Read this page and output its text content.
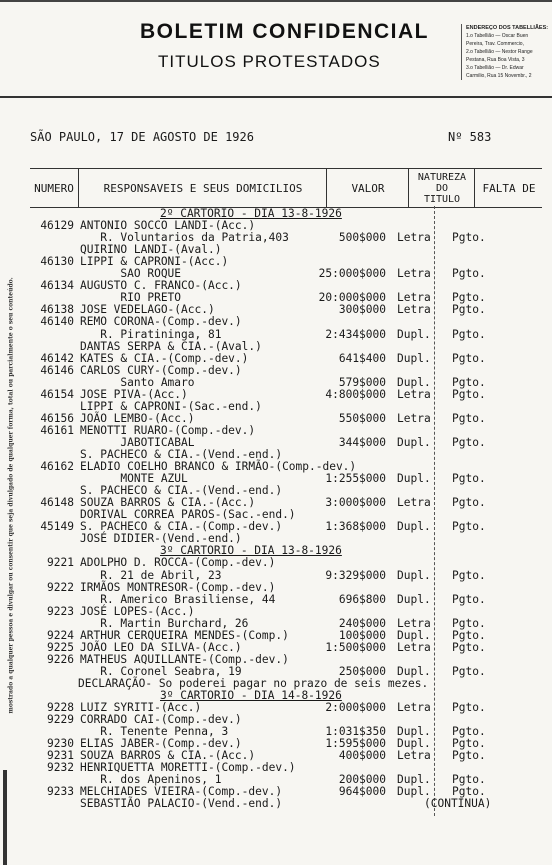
BOLETIM CONFIDENCIAL
TITULOS PROTESTADOS
ENDEREÇO DOS TABELLIÃES:
1.o Tabellião — Oscar Buen
Pereira, Trav. Commercio,
2.o Tabellião — Nestor Range
Pestana, Rua Boa Vista, 3
3.o Tabellião — Dr. Edwar
Carmilio, Rua 15 Novembr., 2
mostrado a qualquer pessoa e divulgar ou consentir que seja divulgado de qualquer forma, total ou parcialmente o seu conteúdo.
SÃO PAULO, 17 DE AGOSTO DE 1926	Nº 583
NUMERO	RESPONSAVEIS E SEUS DOMICILIOS	VALOR
NATUREZA
DO
TITULO
FALTA DE
2º CARTORIO - DIA 13-8-1926
46129 ANTONIO SOCCO LANDI-(Acc.)
R. Voluntarios da Patria,403	500$000 Letra Pgto.
QUIRINO LANDI-(Aval.)
46130 LIPPI & CAPRONI-(Acc.)
SAO ROQUE	25:000$000 Letra Pgto.
46134 AUGUSTO C. FRANCO-(Acc.)
RIO PRETO	20:000$000 Letra Pgto.
46138 JOSE VEDELAGO-(Acc.)	300$000 Letra Pgto.
46140 REMO CORONA-(Comp.-dev.)
R. Piratininga, 81	2:434$000 Dupl. Pgto.
DANTAS SERPA & CIA.-(Aval.)
46142 KATES & CIA.-(Comp.-dev.)	641$400 Dupl. Pgto.
46146 CARLOS CURY-(Comp.-dev.)
Santo Amaro	579$000 Dupl. Pgto.
46154 JOSE PIVA-(Acc.)	4:800$000 Letra Pgto.
LIPPI & CAPRONI-(Sac.-end.)
46156 JOÃO LEMBO-(Acc.)	550$000 Letra Pgto.
46161 MENOTTI RUARO-(Comp.-dev.)
JABOTICABAL	344$000 Dupl. Pgto.
S. PACHECO & CIA.-(Vend.-end.)
46162 ELADIO COELHO BRANCO & IRMÃO-(Comp.-dev.)
MONTE AZUL	1:255$000 Dupl. Pgto.
S. PACHECO & CIA.-(Vend.-end.)
46148 SOUZA BARROS & CIA.-(Acc.)	3:000$000 Letra Pgto.
DORIVAL CORREA PAROS-(Sac.-end.)
45149 S. PACHECO & CIA.-(Comp.-dev.)	1:368$000 Dupl. Pgto.
JOSÉ DIDIER-(Vend.-end.)
3º CARTORIO - DIA 13-8-1926
9221 ADOLPHO D. ROCCA-(Comp.-dev.)
R. 21 de Abril, 23	9:329$000 Dupl. Pgto.
9222 IRMÃOS MONTRESOR-(Comp.-dev.)
R. Americo Brasiliense, 44	696$800 Dupl. Pgto.
9223 JOSÉ LOPES-(Acc.)
R. Martin Burchard, 26	240$000 Letra Pgto.
9224 ARTHUR CERQUEIRA MENDES-(Comp.)	100$000 Dupl. Pgto.
9225 JOÃO LEO DA SILVA-(Acc.)	1:500$000 Letra Pgto.
9226 MATHEUS AQUILLANTE-(Comp.-dev.)
R. Coronel Seabra, 19	250$000 Dupl. Pgto.
DECLARAÇÃO- So poderei pagar no prazo de seis mezes.
3º CARTORIO - DIA 14-8-1926
9228 LUIZ SYRITI-(Acc.)	2:000$000 Letra Pgto.
9229 CORRADO CAI-(Comp.-dev.)
R. Tenente Penna, 3	1:031$350 Dupl. Pgto.
9230 ELIAS JABER-(Comp.-dev.)	1:595$000 Dupl. Pgto.
9231 SOUZA BARROS & CIA.-(Acc.)	400$000 Letra Pgto.
9232 HENRIQUETTA MORETTI-(Comp.-dev.)
R. dos Apeninos, 1	200$000 Dupl. Pgto.
9233 MELCHIADES VIEIRA-(Comp.-dev.)	964$000 Dupl. Pgto.
SEBASTIÃO PALACIO-(Vend.-end.)	(CONTINUA)
